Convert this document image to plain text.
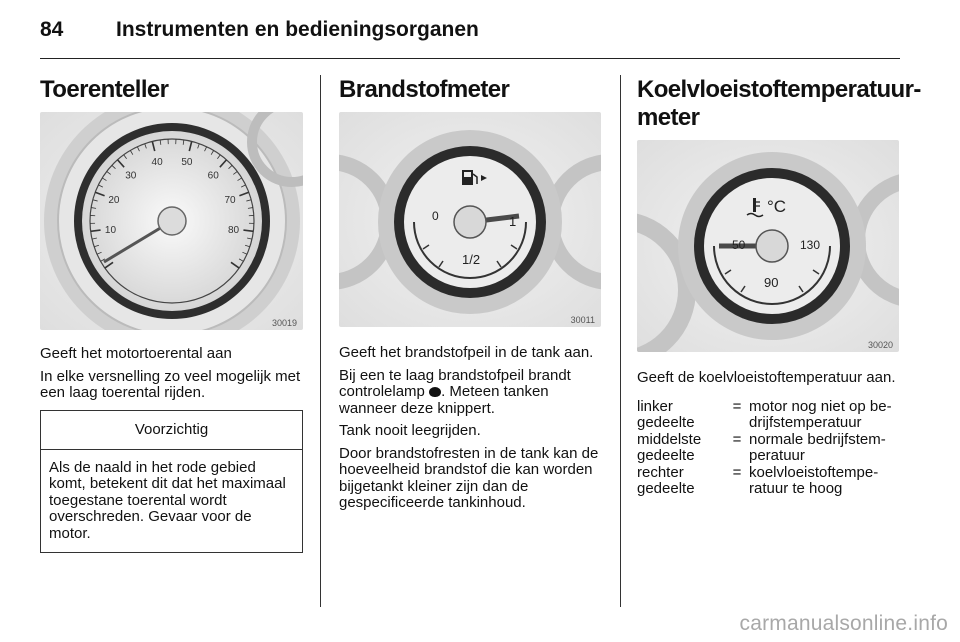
84	Instrumenten en bedieningsorganen
Toerenteller
10
20
30
40 50
60
70
80
30019

Geeft het motortoerental aan

In elke versnelling zo veel mogelijk met een laag toerental rijden.

Voorzichtig
Als de naald in het rode gebied komt, betekent dit dat het maximaal toegestane toerental wordt overschreden. Gevaar voor de motor.
Brandstofmeter
0	1
1/2
30011

Geeft het brandstofpeil in de tank aan.

Bij een te laag brandstofpeil brandt controlelamp . Meteen tanken wanneer deze knippert.

Tank nooit leegrijden.

Door brandstofresten in de tank kan de hoeveelheid brandstof die kan worden bijgetankt kleiner zijn dan de gespecificeerde tankinhoud.

Koelvloeistoftemperatuurmeter
°C
50	130
90
30020

Geeft de koelvloeistoftemperatuur aan.

linker gedeelte	=	motor nog niet op bedrijfstemperatuur
middelste gedeelte	=	normale bedrijfstemperatuur
rechter gedeelte	=	koelvloeistoftemperatuur te hoog
carmanualsonline.info
